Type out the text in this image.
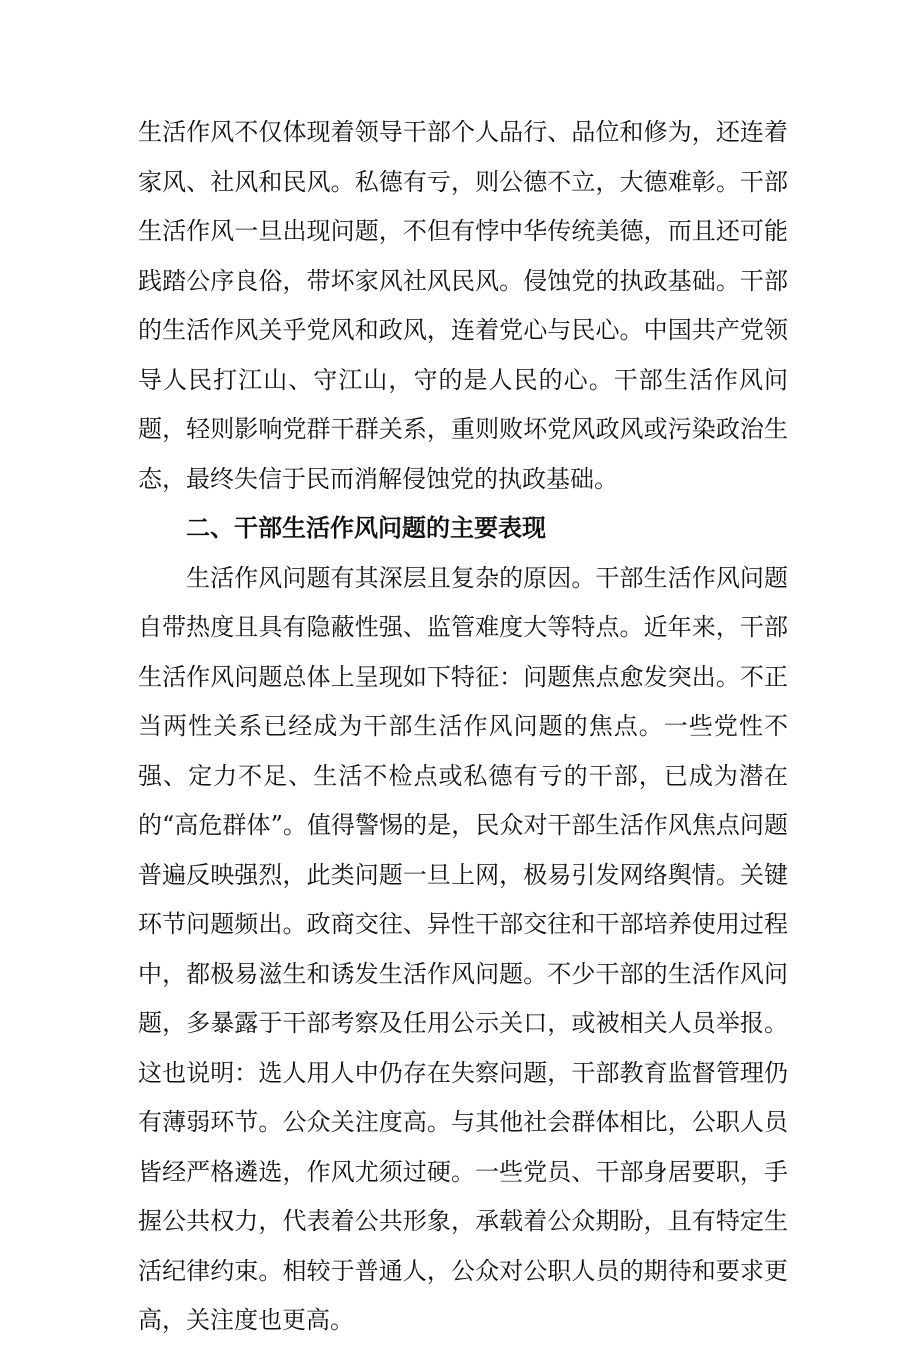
生活作风不仅体现着领导干部个人品行、品位和修为，还连着家风、社风和民风。私德有亏，则公德不立，大德难彰。干部生活作风一旦出现问题，不但有悖中华传统美德，而且还可能践踏公序良俗，带坏家风社风民风。侵蚀党的执政基础。干部的生活作风关乎党风和政风，连着党心与民心。中国共产党领导人民打江山、守江山，守的是人民的心。干部生活作风问题，轻则影响党群干群关系，重则败坏党风政风或污染政治生态，最终失信于民而消解侵蚀党的执政基础。

二、干部生活作风问题的主要表现

生活作风问题有其深层且复杂的原因。干部生活作风问题自带热度且具有隐蔽性强、监管难度大等特点。近年来，干部生活作风问题总体上呈现如下特征：问题焦点愈发突出。不正当两性关系已经成为干部生活作风问题的焦点。一些党性不强、定力不足、生活不检点或私德有亏的干部，已成为潜在的“高危群体”。值得警惕的是，民众对干部生活作风焦点问题普遍反映强烈，此类问题一旦上网，极易引发网络舆情。关键环节问题频出。政商交往、异性干部交往和干部培养使用过程中，都极易滋生和诱发生活作风问题。不少干部的生活作风问题，多暴露于干部考察及任用公示关口，或被相关人员举报。这也说明：选人用人中仍存在失察问题，干部教育监督管理仍有薄弱环节。公众关注度高。与其他社会群体相比，公职人员皆经严格遴选，作风尤须过硬。一些党员、干部身居要职，手握公共权力，代表着公共形象，承载着公众期盼，且有特定生活纪律约束。相较于普通人，公众对公职人员的期待和要求更高，关注度也更高。
